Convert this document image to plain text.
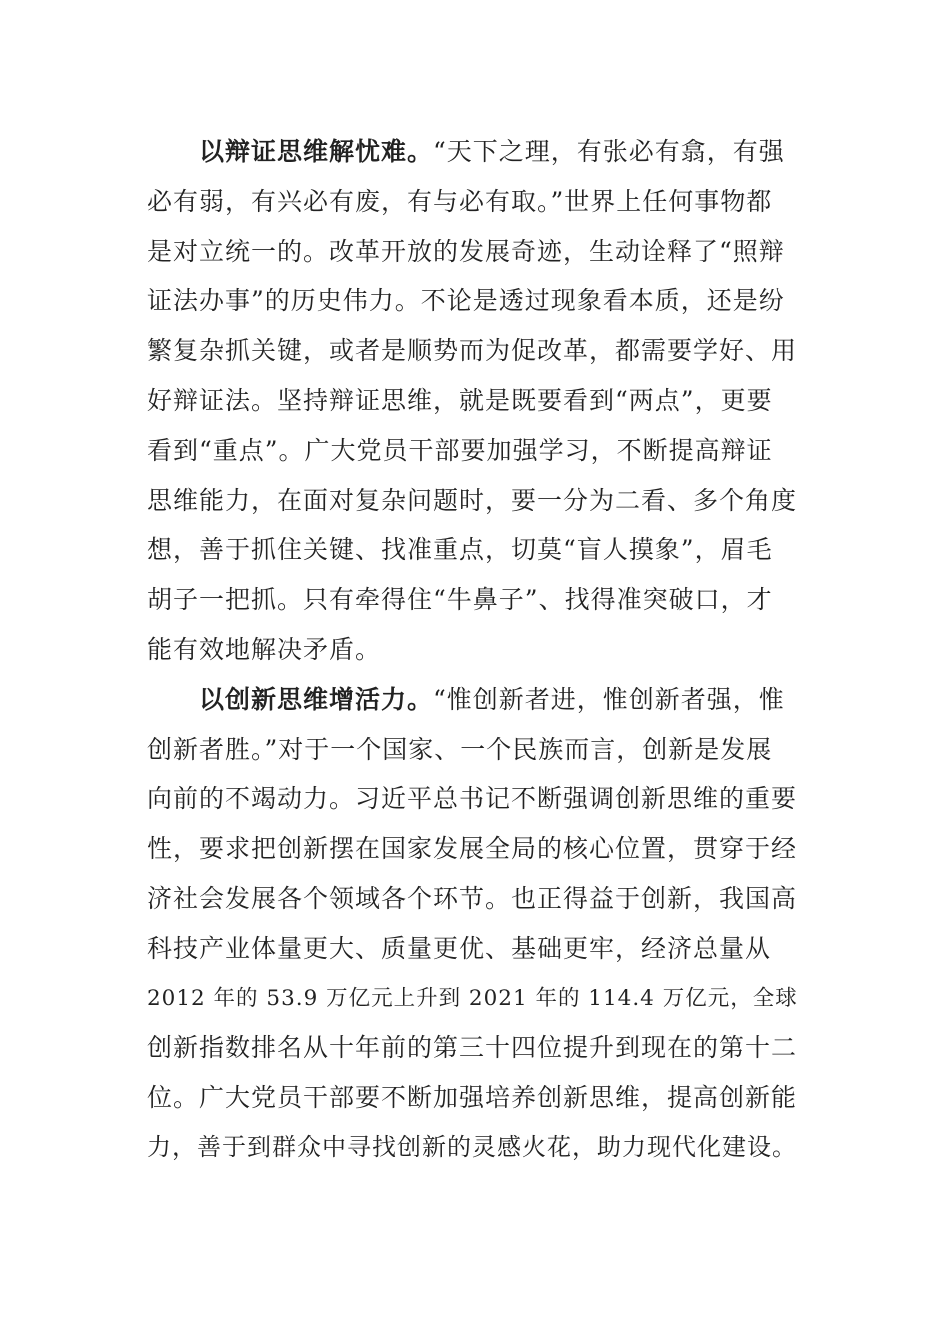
以辩证思维解忧难。“天下之理，有张必有翕，有强
必有弱，有兴必有废，有与必有取。”世界上任何事物都
是对立统一的。改革开放的发展奇迹，生动诠释了“照辩
证法办事”的历史伟力。不论是透过现象看本质，还是纷
繁复杂抓关键，或者是顺势而为促改革，都需要学好、用
好辩证法。坚持辩证思维，就是既要看到“两点”，更要
看到“重点”。广大党员干部要加强学习，不断提高辩证
思维能力，在面对复杂问题时，要一分为二看、多个角度
想，善于抓住关键、找准重点，切莫“盲人摸象”，眉毛
胡子一把抓。只有牵得住“牛鼻子”、找得准突破口，才
能有效地解决矛盾。
以创新思维增活力。“惟创新者进，惟创新者强，惟
创新者胜。”对于一个国家、一个民族而言，创新是发展
向前的不竭动力。习近平总书记不断强调创新思维的重要
性，要求把创新摆在国家发展全局的核心位置，贯穿于经
济社会发展各个领域各个环节。也正得益于创新，我国高
科技产业体量更大、质量更优、基础更牢，经济总量从
2012 年的 53.9 万亿元上升到 2021 年的 114.4 万亿元，全球
创新指数排名从十年前的第三十四位提升到现在的第十二
位。广大党员干部要不断加强培养创新思维，提高创新能
力，善于到群众中寻找创新的灵感火花，助力现代化建设。
